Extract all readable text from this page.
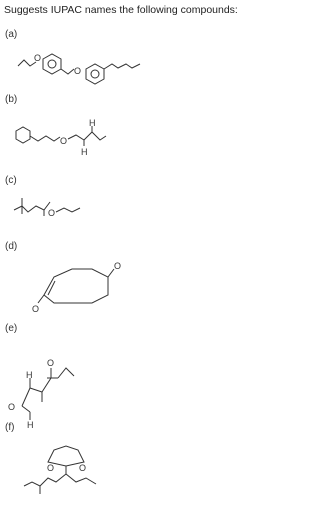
Suggests IUPAC names the following compounds:
(a)
O
O
(b)
O
H
H
(c)
O
(d)
O
O
(e)
O
H
O
H
(f)
O	O
